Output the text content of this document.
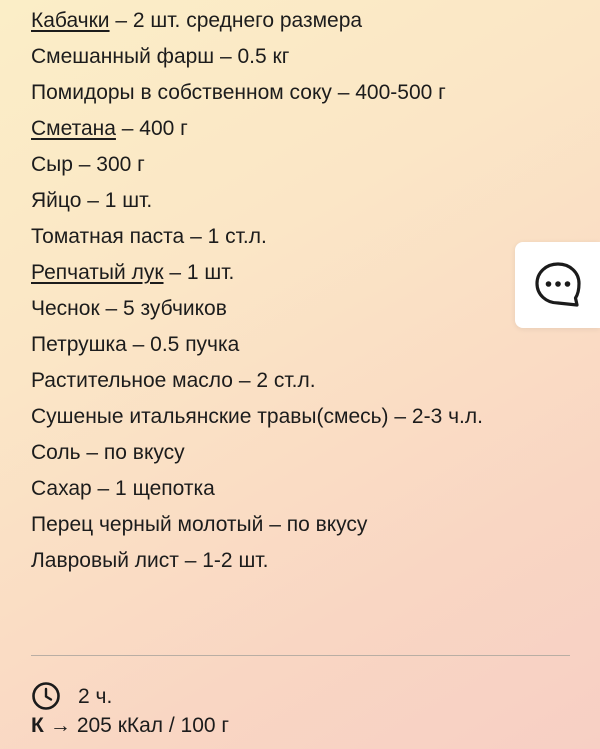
Кабачки – 2 шт. среднего размера
Смешанный фарш – 0.5 кг
Помидоры в собственном соку – 400-500 г
Сметана – 400 г
Сыр – 300 г
Яйцо – 1 шт.
Томатная паста – 1 ст.л.
Репчатый лук – 1 шт.
Чеснок – 5 зубчиков
Петрушка – 0.5 пучка
Растительное масло – 2 ст.л.
Сушеные итальянские травы(смесь) – 2-3 ч.л.
Соль – по вкусу
Сахар – 1 щепотка
Перец черный молотый – по вкусу
Лавровый лист – 1-2 шт.
2 ч.
К → 205 кКал / 100 г
